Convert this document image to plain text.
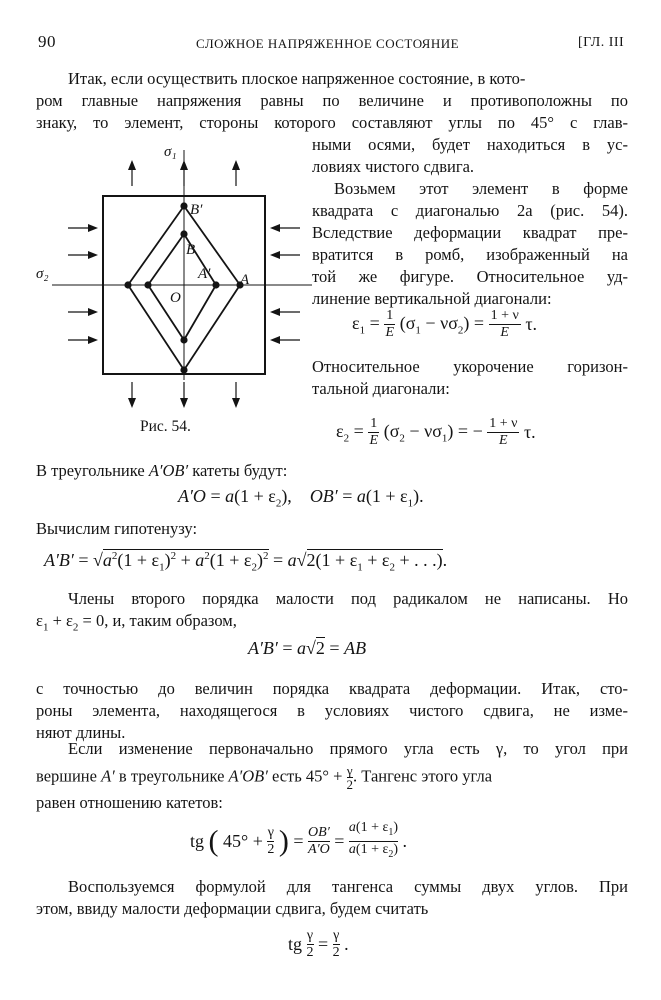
90	СЛОЖНОЕ НАПРЯЖЕННОЕ СОСТОЯНИЕ	[ГЛ. III
Итак, если осуществить плоское напряженное состояние, в кото-
ром главные напряжения равны по величине и противоположны по
знаку, то элемент, стороны которого составляют углы по 45° с глав-
ными осями, будет находиться в ус-
ловиях чистого сдвига.
Возьмем этот элемент в форме
квадрата с диагональю 2a (рис. 54).
Вследствие деформации квадрат пре-
вратится в ромб, изображенный на
той же фигуре. Относительное уд-
линение вертикальной диагонали:
$\varepsilon_1 = \frac{1}{E} (\sigma_1 - \nu\sigma_2) = \frac{1 + \nu}{E} \tau$.
Относительное укорочение горизон-
тальной диагонали:
$\varepsilon_2 = \frac{1}{E} (\sigma_2 - \nu\sigma_1)$ = − $\frac{1 + \nu}{E} \tau$.
σ₁
σ₂
B′
B
A′ A
O
Рис. 54.
В треугольнике A′OB′ катеты будут:
$A'O = a(1 + \varepsilon_2)$,    $OB' = a(1 + \varepsilon_1)$.
Вычислим гипотенузу:
$A'B' = √a^2(1 + \varepsilon_1)^2 + a^2(1 + \varepsilon_2)^2 = a√2(1 + \varepsilon_1 + \varepsilon_2$ + . . .).
Члены второго порядка малости под радикалом не написаны. Но
$\varepsilon_1 + \varepsilon_2 = 0$, и, таким образом,
A′B′ = a√2 = AB
с точностью до величин порядка квадрата деформации. Итак, сто-
роны элемента, находящегося в условиях чистого сдвига, не изме-
няют длины.
Если изменение первоначально прямого угла есть γ, то угол при
вершине A′ в треугольнике A′OB′ есть 45° + γ
2. Тангенс этого угла
равен отношению катетов:
tg ( 45° + γ
2 ) = $\frac{OB'}{A'O}$ =
$a(1 + \varepsilon_1)$
$a(1 + \varepsilon_2)$ .
Воспользуемся формулой для тангенса суммы двух углов. При
этом, ввиду малости деформации сдвига, будем считать
tg γ
2 = γ
2 .
